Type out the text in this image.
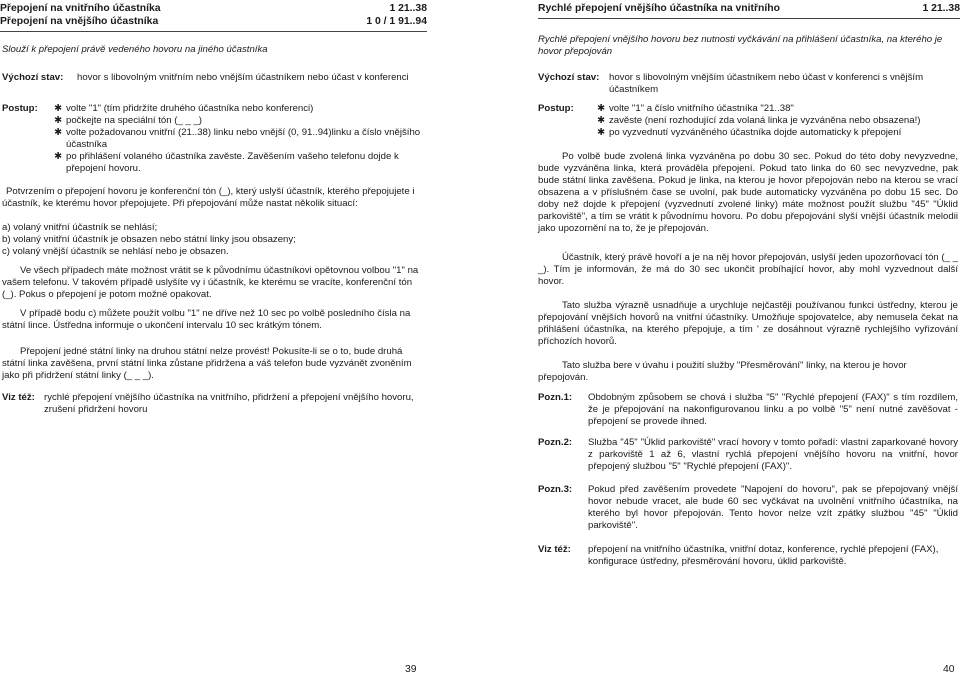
Přepojení na vnitřního účastníka	1 21..38
Přepojení na vnějšího účastníka	1 0 / 1 91..94
Slouží k přepojení právě vedeného hovoru na jiného účastníka
Výchozí stav:	hovor s libovolným vnitřním nebo vnějším účastníkem nebo účast v konferenci
Postup:	✱ volte "1" (tím přidržíte druhého účastníka nebo konferenci)
✱ počkejte na speciální tón (_ _ _)
✱ volte požadovanou vnitřní (21..38) linku nebo vnější (0, 91..94)linku a číslo vnějšího účastníka
✱ po přihlášení volaného účastníka zavěste. Zavěšením vašeho telefonu dojde k přepojení hovoru.
Potvrzením o přepojení hovoru je konferenční tón (_), který uslyší účastník, kterého přepojujete i účastník, ke kterému hovor přepojujete. Při přepojování může nastat několik situací:
a) volaný vnitřní účastník se nehlásí;
b) volaný vnitřní účastník je obsazen nebo státní linky jsou obsazeny;
c) volaný vnější účastník se nehlásí nebo je obsazen.
Ve všech případech máte možnost vrátit se k původnímu účastníkovi opětovnou volbou "1" na vašem telefonu. V takovém případě uslyšíte vy i účastník, ke kterému se vracíte, konferenční tón (_). Pokus o přepojení je potom možné opakovat.
V případě bodu c) můžete použít volbu "1" ne dříve než 10 sec po volbě posledního čísla na státní lince. Ústředna informuje o ukončení intervalu 10 sec krátkým tónem.
Přepojení jedné státní linky na druhou státní nelze provést! Pokusíte-li se o to, bude druhá státní linka zavěšena, první státní linka zůstane přidržena a váš telefon bude vyzvánět zvoněním jako při přidržení státní linky (_ _ _).
Viz též: rychlé přepojení vnějšího účastníka na vnitřního, přidržení a přepojení vnějšího hovoru, zrušení přidržení hovoru
39
Rychlé přepojení vnějšího účastníka na vnitřního	1 21..38
Rychlé přepojení vnějšího hovoru bez nutnosti vyčkávání na přihlášení účastníka, na kterého je hovor přepojován
Výchozí stav:	hovor s libovolným vnějším účastníkem nebo účast v konferenci s vnějším účastníkem
Postup:	✱ volte "1" a číslo vnitřního účastníka "21..38"
✱ zavěste (není rozhodující zda volaná linka je vyzváněna nebo obsazena!)
✱ po vyzvednutí vyzváněného účastníka dojde automaticky k přepojení
Po volbě bude zvolená linka vyzváněna po dobu 30 sec. Pokud do této doby nevyzvedne, bude vyzváněna linka, která prováděla přepojení. Pokud tato linka do 60 sec nevyzvedne, pak bude státní linka zavěšena. Pokud je linka, na kterou je hovor přepojován nebo na kterou se vrací obsazena a v příslušném čase se uvolní, pak bude automaticky vyzváněna po dobu 15 sec. Do doby než dojde k přepojení (vyzvednutí zvolené linky) máte možnost použít službu "45" "Úklid parkoviště", a tím se vrátit k původnímu hovoru. Po dobu přepojování slyší vnější účastník melodii jako upozornění na to, že je přepojován.
Účastník, který právě hovoří a je na něj hovor přepojován, uslyší jeden upozorňovací tón (_ _ _). Tím je informován, že má do 30 sec ukončit probíhající hovor, aby mohl vyzvednout další hovor.
Tato služba výrazně usnadňuje a urychluje nejčastěji používanou funkci ústředny, kterou je přepojování vnějších hovorů na vnitřní účastníky. Umožňuje spojovatelce, aby nemusela čekat na přihlášení účastníka, na kterého přepojuje, a tím ' ze dosáhnout výrazně rychlejšího vyřizování příchozích hovorů.
Tato služba bere v úvahu i použití služby "Přesměrování" linky, na kterou je hovor přepojován.
Pozn.1:	Obdobným způsobem se chová i služba "5" "Rychlé přepojení (FAX)" s tím rozdílem, že je přepojování na nakonfigurovanou linku a po volbě "5" není nutné zavěšovat - přepojení se provede ihned.
Pozn.2:	Služba "45" "Úklid parkoviště" vrací hovory v tomto pořadí: vlastní zaparkované hovory z parkoviště 1 až 6, vlastní rychlá přepojení vnějšího hovoru na vnitřní, hovor přepojený službou "5" "Rychlé přepojení (FAX)".
Pozn.3:	Pokud před zavěšením provedete "Napojení do hovoru", pak se přepojovaný vnější hovor nebude vracet, ale bude 60 sec vyčkávat na uvolnění vnitřního účastníka, na kterého byl hovor přepojován. Tento hovor nelze vzít zpátky službou "45" "Úklid parkoviště".
Viz též:	přepojení na vnitřního účastníka, vnitřní dotaz, konference, rychlé přepojení (FAX), konfigurace ústředny, přesměrování hovoru, úklid parkoviště.
40
